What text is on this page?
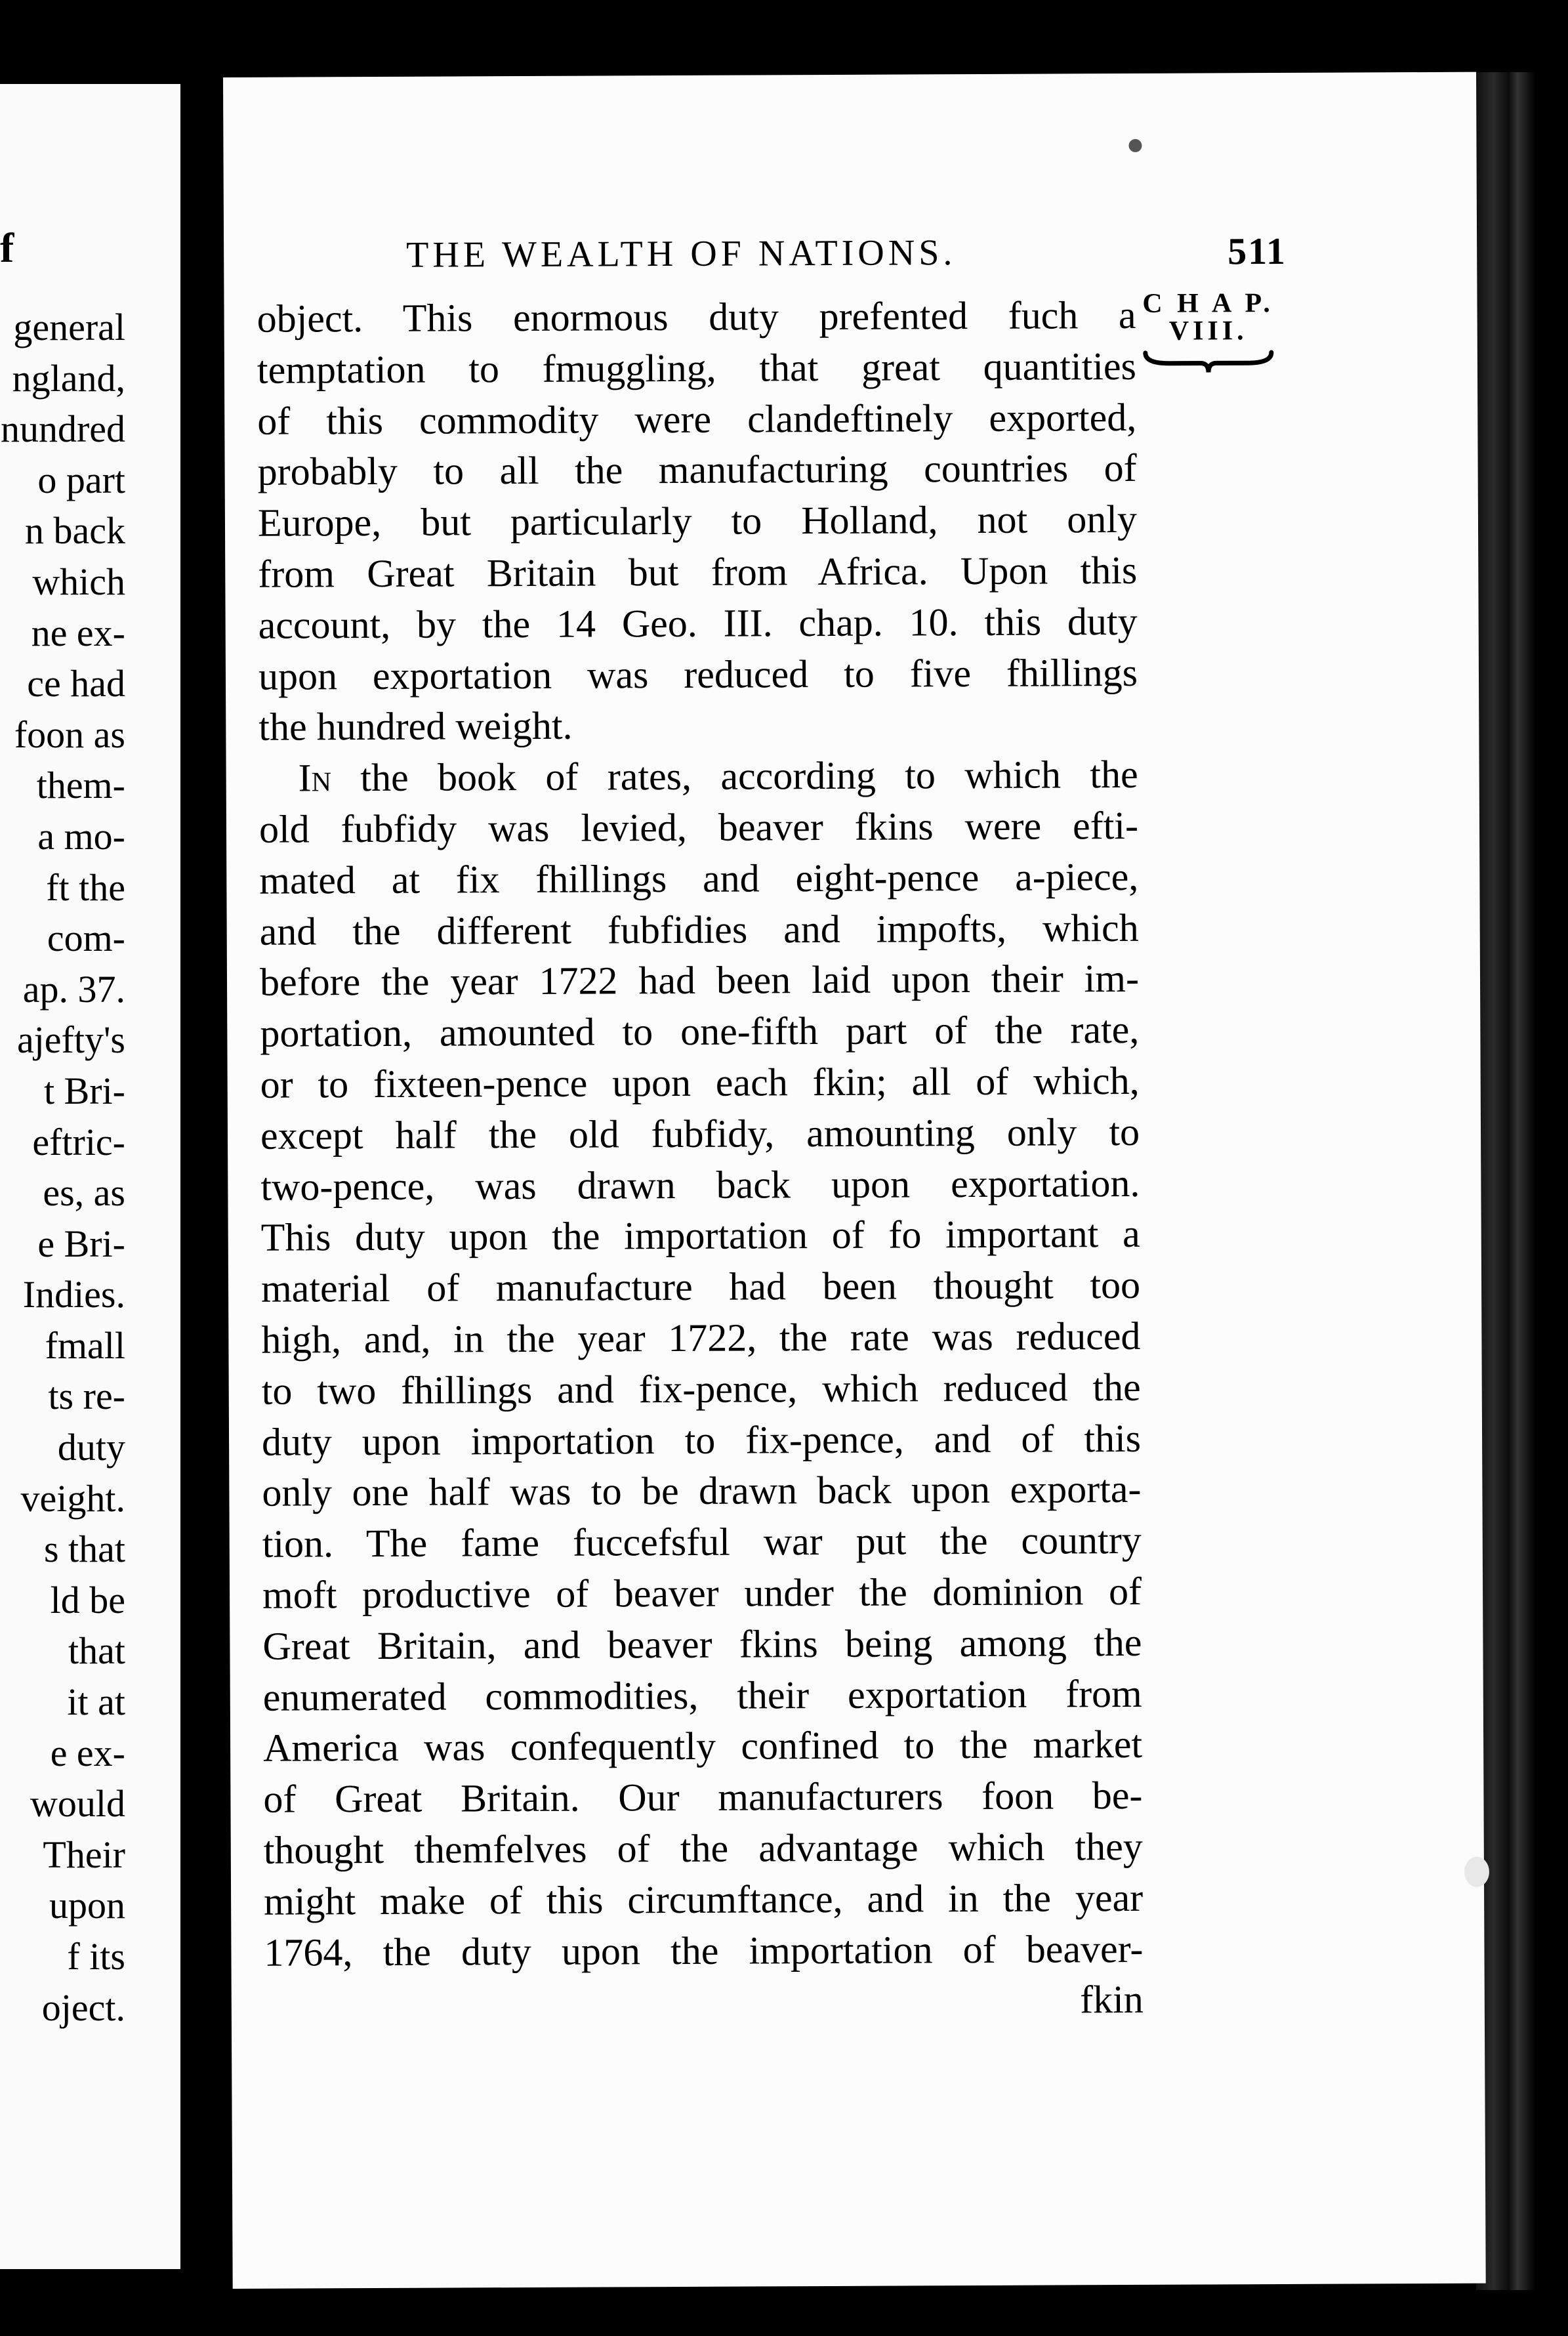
f
general
ngland,
nundred
o part
n back
which
ne ex-
ce had
foon as
them-
a mo-
ft the
com-
ap. 37.
ajefty's
t Bri-
eftric-
es, as
e Bri-
Indies.
fmall
ts re-
duty
veight.
s that
ld be
that
it at
e ex-
would
Their
upon
f its
oject.
THE WEALTH OF NATIONS.	511
C H A P.
VIII.
object. This enormous duty prefented fuch a
temptation to fmuggling, that great quantities
of this commodity were clandeftinely exported,
probably to all the manufacturing countries of
Europe, but particularly to Holland, not only
from Great Britain but from Africa. Upon this
account, by the 14 Geo. III. chap. 10. this duty
upon exportation was reduced to five fhillings
the hundred weight.
In the book of rates, according to which the
old fubfidy was levied, beaver fkins were efti-
mated at fix fhillings and eight-pence a-piece,
and the different fubfidies and impofts, which
before the year 1722 had been laid upon their im-
portation, amounted to one-fifth part of the rate,
or to fixteen-pence upon each fkin; all of which,
except half the old fubfidy, amounting only to
two-pence, was drawn back upon exportation.
This duty upon the importation of fo important a
material of manufacture had been thought too
high, and, in the year 1722, the rate was reduced
to two fhillings and fix-pence, which reduced the
duty upon importation to fix-pence, and of this
only one half was to be drawn back upon exporta-
tion. The fame fuccefsful war put the country
moft productive of beaver under the dominion of
Great Britain, and beaver fkins being among the
enumerated commodities, their exportation from
America was confequently confined to the market
of Great Britain. Our manufacturers foon be-
thought themfelves of the advantage which they
might make of this circumftance, and in the year
1764, the duty upon the importation of beaver-
fkin
